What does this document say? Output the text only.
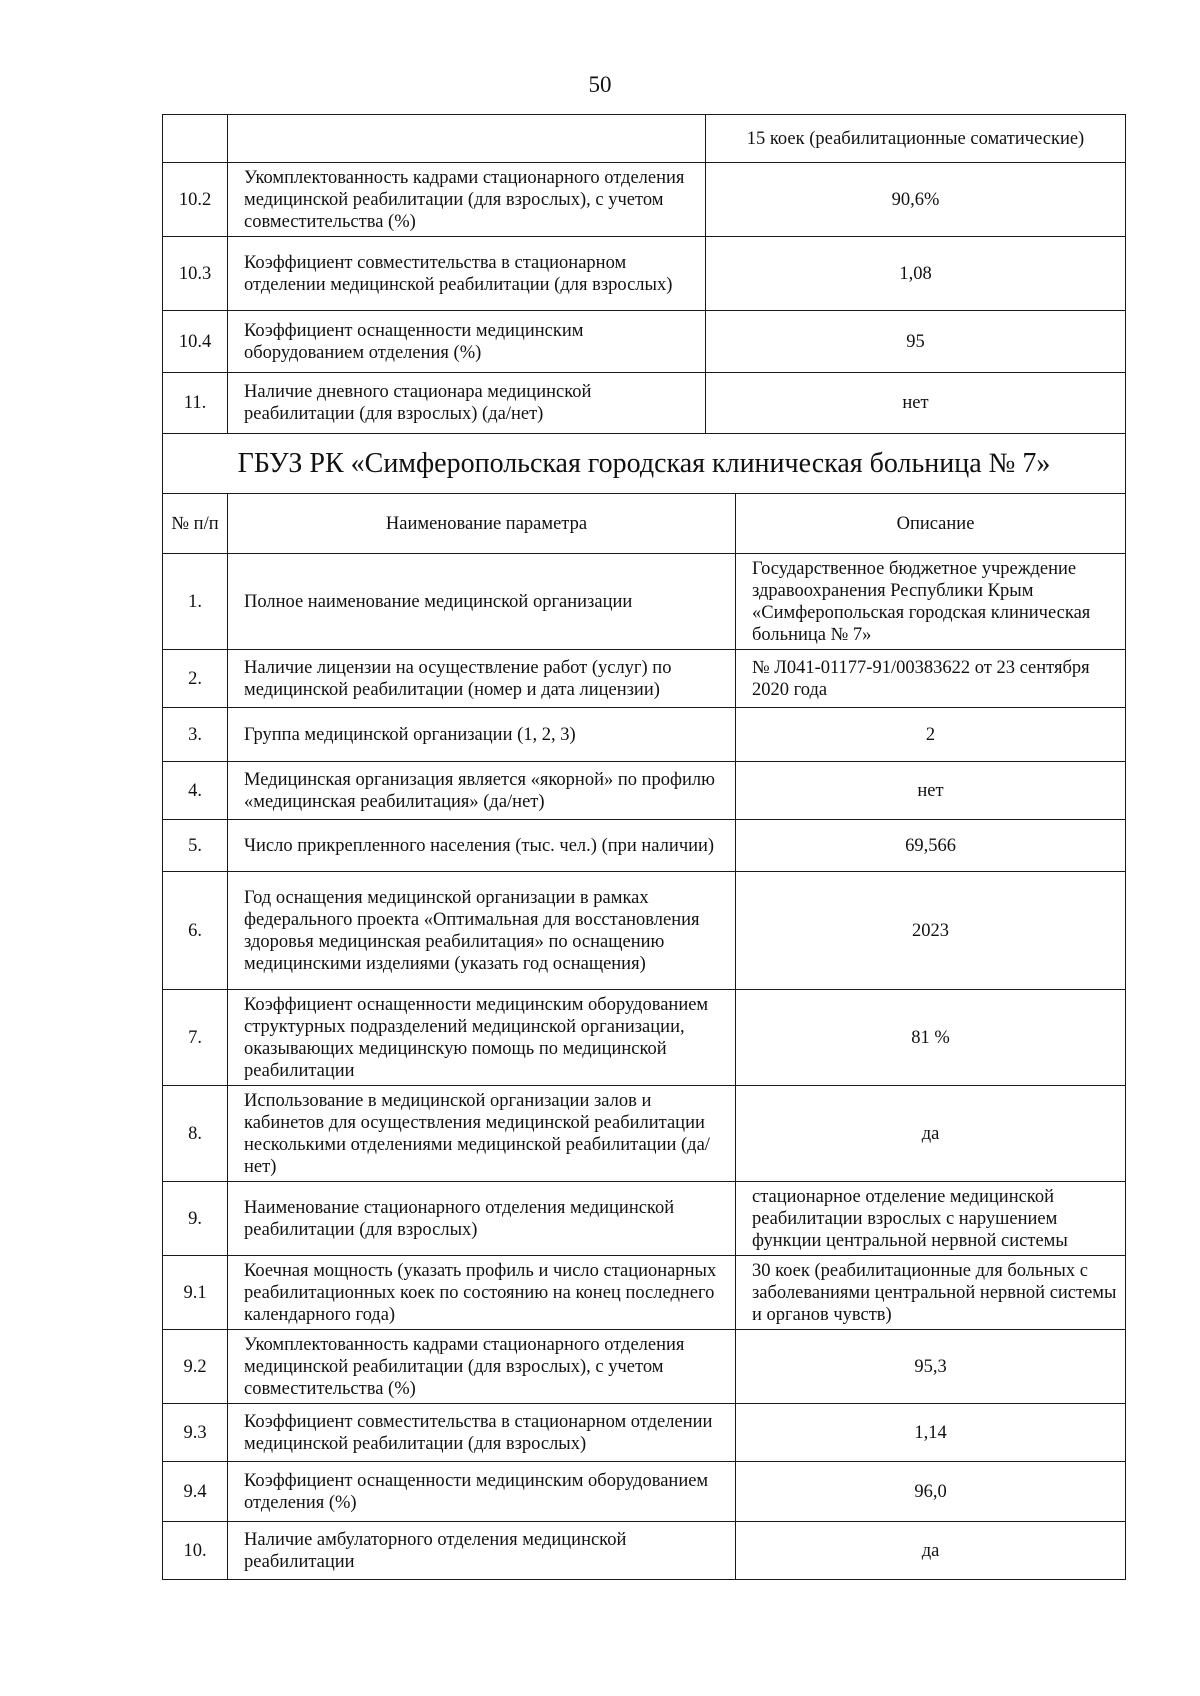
50
		15 коек (реабилитационные соматические)
10.2	Укомплектованность кадрами стационарного отделения медицинской реабилитации (для взрослых), с учетом совместительства (%)	90,6%
10.3	Коэффициент совместительства в стационарном отделении медицинской реабилитации (для взрослых)	1,08
10.4	Коэффициент оснащенности медицинским оборудованием отделения (%)	95
11.	Наличие дневного стационара медицинской реабилитации (для взрослых) (да/нет)	нет
ГБУЗ РК «Симферопольская городская клиническая больница № 7»		
№ п/п	Наименование параметра	Описание
1.	Полное наименование медицинской организации	Государственное бюджетное учреждение здравоохранения Республики Крым «Симферопольская городская клиническая больница № 7»
2.	Наличие лицензии на осуществление работ (услуг) по медицинской реабилитации (номер и дата лицензии)	№ Л041-01177-91/00383622 от 23 сентября 2020 года
3.	Группа медицинской организации (1, 2, 3)	2
4.	Медицинская организация является «якорной» по профилю «медицинская реабилитация» (да/нет)	нет
5.	Число прикрепленного населения (тыс. чел.) (при наличии)	69,566
6.	Год оснащения медицинской организации в рамках федерального проекта «Оптимальная для восстановления здоровья медицинская реабилитация» по оснащению медицинскими изделиями (указать год оснащения)	2023
7.	Коэффициент оснащенности медицинским оборудованием структурных подразделений медицинской организации, оказывающих медицинскую помощь по медицинской реабилитации	81 %
8.	Использование в медицинской организации залов и кабинетов для осуществления медицинской реабилитации несколькими отделениями медицинской реабилитации (да/нет)	да
9.	Наименование стационарного отделения медицинской реабилитации (для взрослых)	стационарное отделение медицинской реабилитации взрослых с нарушением функции центральной нервной системы
9.1	Коечная мощность (указать профиль и число стационарных реабилитационных коек по состоянию на конец последнего календарного года)	30 коек (реабилитационные для больных с заболеваниями центральной нервной системы и органов чувств)
9.2	Укомплектованность кадрами стационарного отделения медицинской реабилитации (для взрослых), с учетом совместительства (%)	95,3
9.3	Коэффициент совместительства в стационарном отделении медицинской реабилитации (для взрослых)	1,14
9.4	Коэффициент оснащенности медицинским оборудованием отделения (%)	96,0
10.	Наличие амбулаторного отделения медицинской реабилитации	да
